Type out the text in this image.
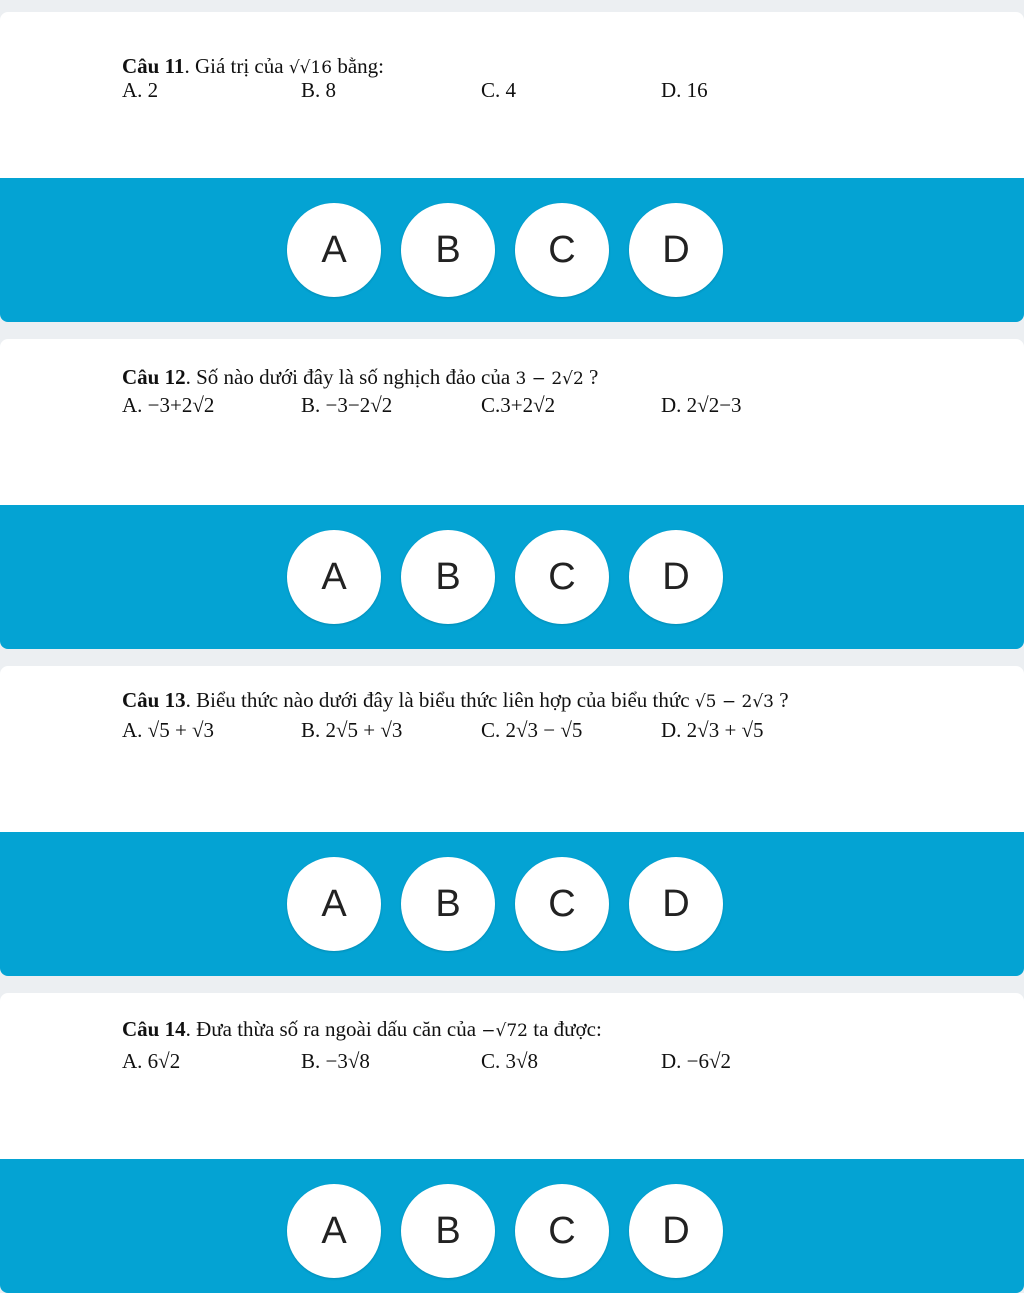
Câu 11. Giá trị của √√16 bằng:
A. 2	B. 8	C. 4	D. 16
A	B	C	D
Câu 12. Số nào dưới đây là số nghịch đảo của 3 − 2√2 ?
A. −3+2√2	B. −3−2√2	C.3+2√2	D. 2√2−3
A	B	C	D
Câu 13. Biểu thức nào dưới đây là biểu thức liên hợp của biểu thức √5 − 2√3 ?
A. √5 + √3	B. 2√5 + √3	C. 2√3 − √5	D. 2√3 + √5
A	B	C	D
Câu 14. Đưa thừa số ra ngoài dấu căn của −√72 ta được:
A. 6√2	B. −3√8	C. 3√8	D. −6√2
A	B	C	D
